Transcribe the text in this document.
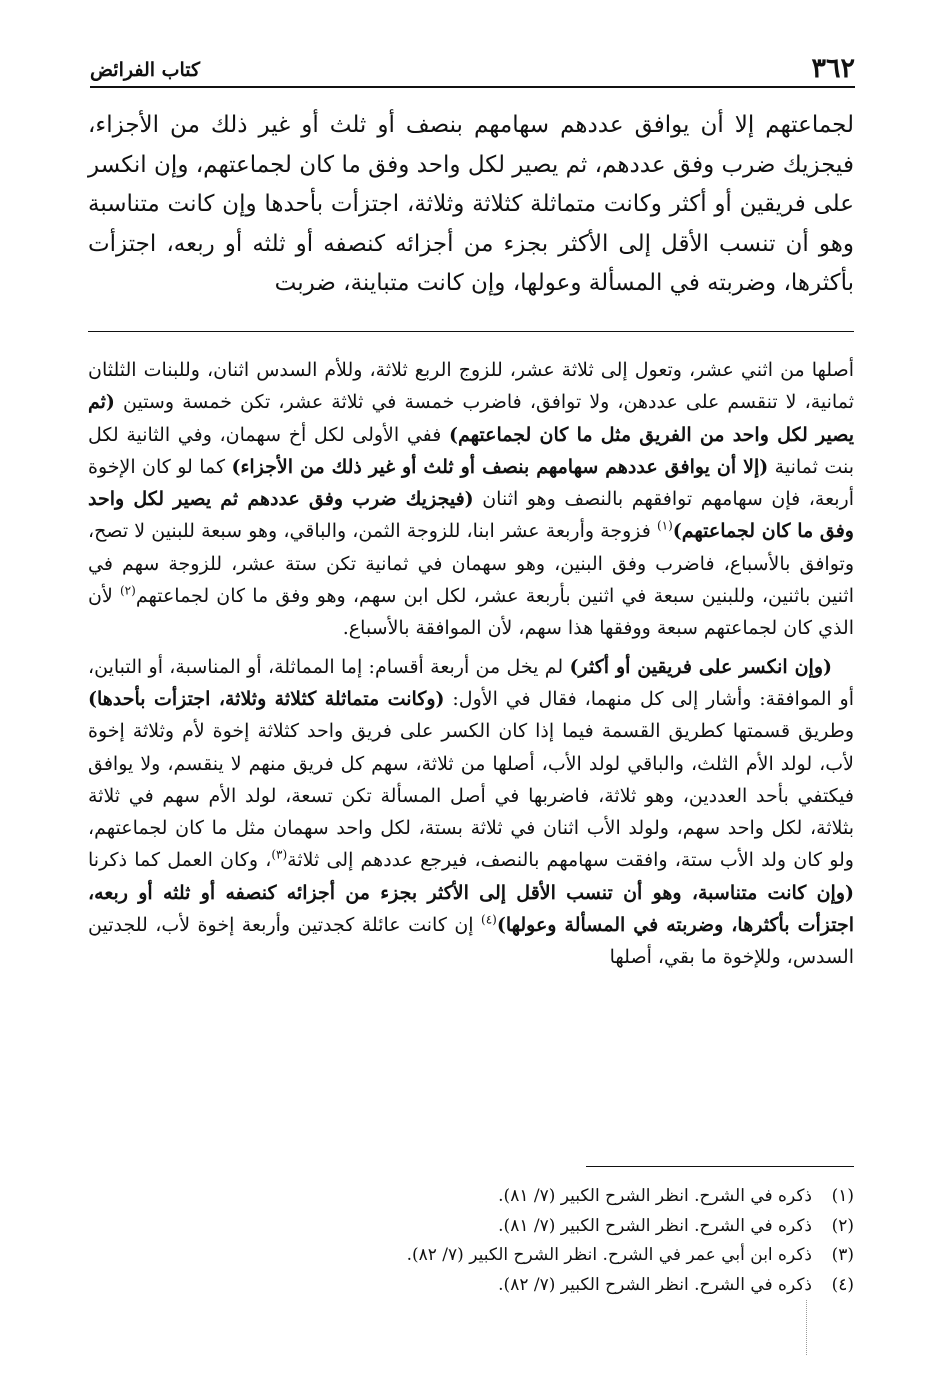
٣٦٢
كتاب الفرائض

لجماعتهم إلا أن يوافق عددهم سهامهم بنصف أو ثلث أو غير ذلك من الأجزاء، فيجزيك ضرب وفق عددهم، ثم يصير لكل واحد وفق ما كان لجماعتهم، وإن انكسر على فريقين أو أكثر وكانت متماثلة كثلاثة وثلاثة، اجتزأت بأحدها وإن كانت متناسبة وهو أن تنسب الأقل إلى الأكثر بجزء من أجزائه كنصفه أو ثلثه أو ربعه، اجتزأت بأكثرها، وضربته في المسألة وعولها، وإن كانت متباينة، ضربت

أصلها من اثني عشر، وتعول إلى ثلاثة عشر، للزوج الربع ثلاثة، وللأم السدس اثنان، وللبنات الثلثان ثمانية، لا تنقسم على عددهن، ولا توافق، فاضرب خمسة في ثلاثة عشر، تكن خمسة وستين (ثم يصير لكل واحد من الفريق مثل ما كان لجماعتهم) ففي الأولى لكل أخ سهمان، وفي الثانية لكل بنت ثمانية (إلا أن يوافق عددهم سهامهم بنصف أو ثلث أو غير ذلك من الأجزاء) كما لو كان الإخوة أربعة، فإن سهامهم توافقهم بالنصف وهو اثنان (فيجزيك ضرب وفق عددهم ثم يصير لكل واحد وفق ما كان لجماعتهم)$^{(١)}$ فزوجة وأربعة عشر ابنا، للزوجة الثمن، والباقي، وهو سبعة للبنين لا تصح، وتوافق بالأسباع، فاضرب وفق البنين، وهو سهمان في ثمانية تكن ستة عشر، للزوجة سهم في اثنين باثنين، وللبنين سبعة في اثنين بأربعة عشر، لكل ابن سهم، وهو وفق ما كان لجماعتهم$^{(٢)}$ لأن الذي كان لجماعتهم سبعة ووفقها هذا سهم، لأن الموافقة بالأسباع.

(وإن انكسر على فريقين أو أكثر) لم يخل من أربعة أقسام: إما المماثلة، أو المناسبة، أو التباين، أو الموافقة: وأشار إلى كل منهما، فقال في الأول: (وكانت متماثلة كثلاثة وثلاثة، اجتزأت بأحدها) وطريق قسمتها كطريق القسمة فيما إذا كان الكسر على فريق واحد كثلاثة إخوة لأم وثلاثة إخوة لأب، لولد الأم الثلث، والباقي لولد الأب، أصلها من ثلاثة، سهم كل فريق منهم لا ينقسم، ولا يوافق فيكتفي بأحد العددين، وهو ثلاثة، فاضربها في أصل المسألة تكن تسعة، لولد الأم سهم في ثلاثة بثلاثة، لكل واحد سهم، ولولد الأب اثنان في ثلاثة بستة، لكل واحد سهمان مثل ما كان لجماعتهم، ولو كان ولد الأب ستة، وافقت سهامهم بالنصف، فيرجع عددهم إلى ثلاثة$^{(٣)}$، وكان العمل كما ذكرنا (وإن كانت متناسبة، وهو أن تنسب الأقل إلى الأكثر بجزء من أجزائه كنصفه أو ثلثه أو ربعه، اجتزأت بأكثرها، وضربته في المسألة وعولها)$^{(٤)}$ إن كانت عائلة كجدتين وأربعة إخوة لأب، للجدتين السدس، وللإخوة ما بقي، أصلها

(١)
ذكره في الشرح. انظر الشرح الكبير (٧/ ٨١).
(٢)
ذكره في الشرح. انظر الشرح الكبير (٧/ ٨١).
(٣)
ذكره ابن أبي عمر في الشرح. انظر الشرح الكبير (٧/ ٨٢).
(٤)
ذكره في الشرح. انظر الشرح الكبير (٧/ ٨٢).
